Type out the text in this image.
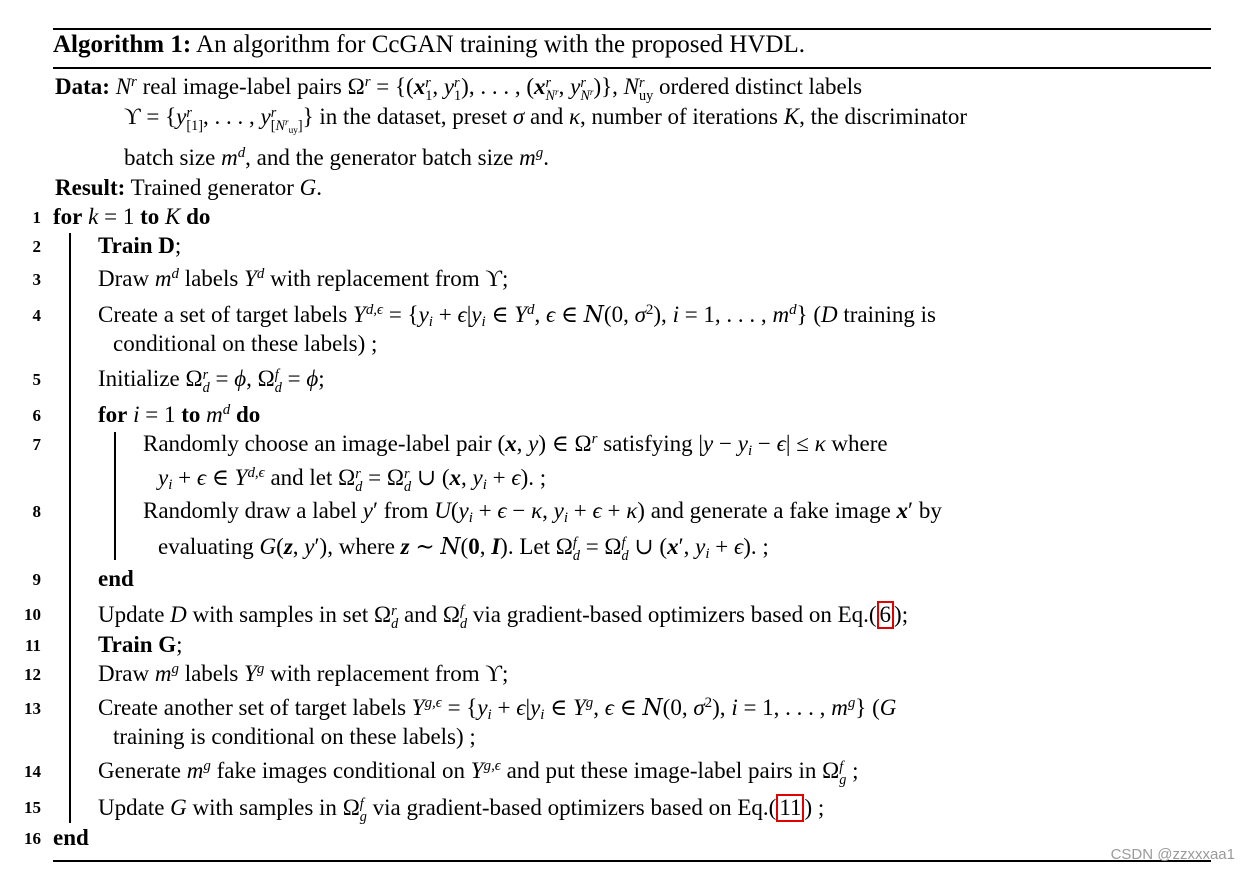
Algorithm 1: An algorithm for CcGAN training with the proposed HVDL.
Data: $N^r$ real image-label pairs $\Omega^r = \{(x$ r
1 , y r
1 ), . . . , (x r
$N^r$ , y r
$N^r$ )}, N r
uy ordered distinct labels
ϒ = {y r
[1] , . . . , y r
$[N^r_{uy}]$ } in the dataset, preset σ and κ, number of iterations K, the discriminator
batch size $m^d$, and the generator batch size $m^g$.
Result: Trained generator G.
1 for k = 1 to K do
2 Train D;
3 Draw $m^d$ labels $Y^d$ with replacement from ϒ;
4 Create a set of target labels $Y^{d,\epsilon} = \{y_i + \epsilon|y_i$ ∈ $Y^d$, ϵ ∈ N(0, $\sigma^2$), i = 1, . . . , $m^d$} (D training is
conditional on these labels) ;
5 Initialize Ω r
d = ϕ, Ω f
d = ϕ;
6 for i = 1 to $m^d$ do
7	Randomly choose an image-label pair (x, y) ∈ $\Omega^r$ satisfying $|y - y_i - \epsilon| \le \kappa$ where
$y_i + \epsilon$ ∈ $Y^{d,\epsilon}$ and let Ω r
d = Ω r
d ∪ (x, $y_i + \epsilon$). ;
8	Randomly draw a label y′ from $U(y_i + \epsilon - \kappa$, $y_i + \epsilon + \kappa$) and generate a fake image x′ by
evaluating G(z, y′), where z ∼ N(0, I). Let Ω f
d = Ω f
d ∪ (x′, $y_i + \epsilon$). ;
9 end
10 Update D with samples in set Ω r
d and Ω f
d via gradient-based optimizers based on Eq.( 6 );
11 Train G;
12 Draw $m^g$ labels $Y^g$ with replacement from ϒ;
13 Create another set of target labels $Y^{g,\epsilon} = \{y_i + \epsilon|y_i$ ∈ $Y^g$, ϵ ∈ N(0, $\sigma^2$), i = 1, . . . , $m^g$} (G
training is conditional on these labels) ;
14 Generate $m^g$ fake images conditional on $Y^{g,\epsilon}$ and put these image-label pairs in Ω f
g ;
15 Update G with samples in Ω f
g via gradient-based optimizers based on Eq.( 11 ) ;
16 end
CSDN @zzxxxaa1
